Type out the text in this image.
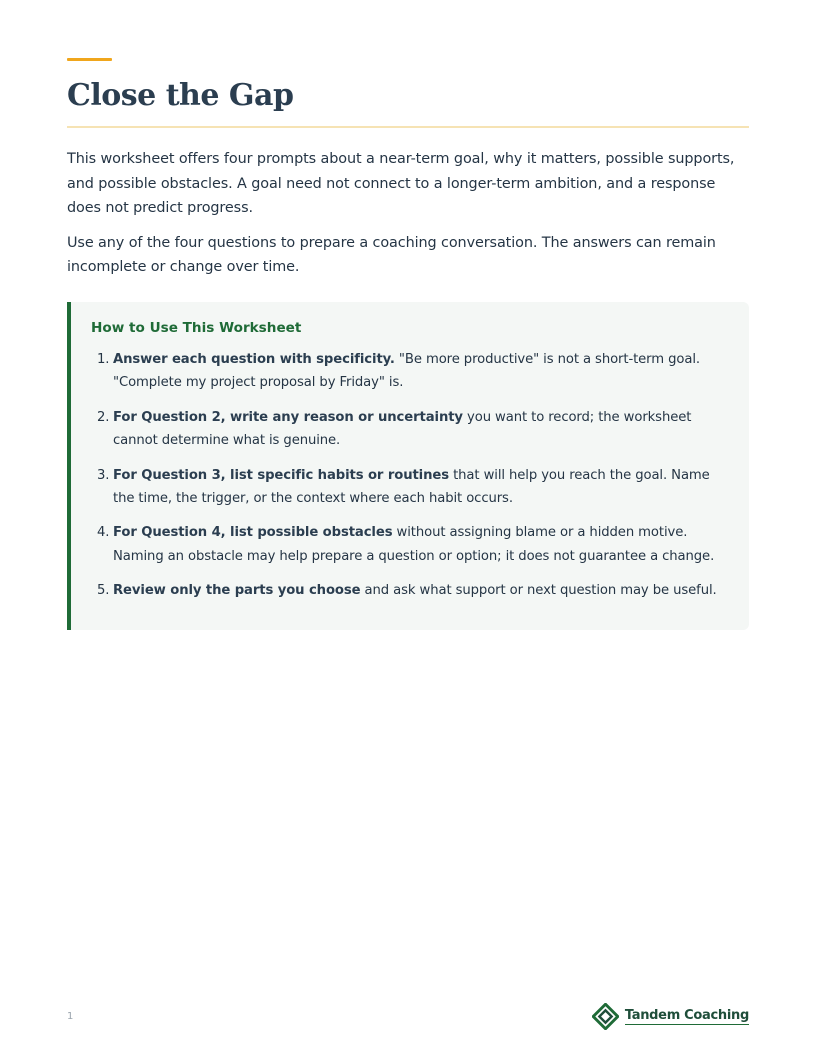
Close the Gap

This worksheet offers four prompts about a near-term goal, why it matters, possible supports, and possible obstacles. A goal need not connect to a longer-term ambition, and a response does not predict progress.

Use any of the four questions to prepare a coaching conversation. The answers can remain incomplete or change over time.

How to Use This Worksheet
1. Answer each question with specificity. "Be more productive" is not a short-term goal. "Complete my project proposal by Friday" is.
2. For Question 2, write any reason or uncertainty you want to record; the worksheet cannot determine what is genuine.
3. For Question 3, list specific habits or routines that will help you reach the goal. Name the time, the trigger, or the context where each habit occurs.
4. For Question 4, list possible obstacles without assigning blame or a hidden motive. Naming an obstacle may help prepare a question or option; it does not guarantee a change.
5. Review only the parts you choose and ask what support or next question may be useful.
1	Tandem Coaching
